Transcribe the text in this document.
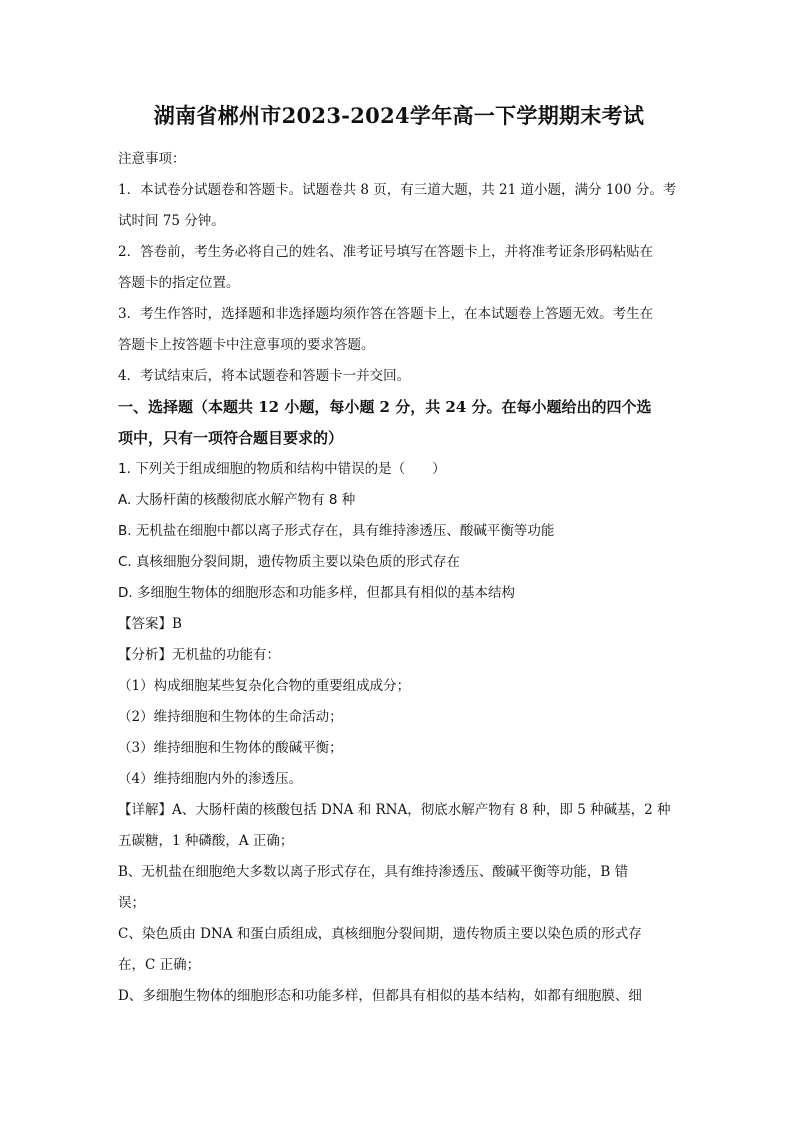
湖南省郴州市2023-2024学年高一下学期期末考试

注意事项：

1．本试卷分试题卷和答题卡。试题卷共 8 页，有三道大题，共 21 道小题，满分 100 分。考

试时间 75 分钟。

2．答卷前，考生务必将自己的姓名、准考证号填写在答题卡上，并将准考证条形码粘贴在

答题卡的指定位置。

3．考生作答时，选择题和非选择题均须作答在答题卡上，在本试题卷上答题无效。考生在

答题卡上按答题卡中注意事项的要求答题。

4．考试结束后，将本试题卷和答题卡一并交回。

一、选择题（本题共 12 小题，每小题 2 分，共 24 分。在每小题给出的四个选

项中，只有一项符合题目要求的）

1. 下列关于组成细胞的物质和结构中错误的是（　　）

A. 大肠杆菌的核酸彻底水解产物有 8 种

B. 无机盐在细胞中都以离子形式存在，具有维持渗透压、酸碱平衡等功能

C. 真核细胞分裂间期，遗传物质主要以染色质的形式存在

D. 多细胞生物体的细胞形态和功能多样，但都具有相似的基本结构

【答案】B

【分析】无机盐的功能有：

（1）构成细胞某些复杂化合物的重要组成成分；

（2）维持细胞和生物体的生命活动；

（3）维持细胞和生物体的酸碱平衡；

（4）维持细胞内外的渗透压。

【详解】A、大肠杆菌的核酸包括 DNA 和 RNA，彻底水解产物有 8 种，即 5 种碱基，2 种

五碳糖，1 种磷酸，A 正确；

B、无机盐在细胞绝大多数以离子形式存在，具有维持渗透压、酸碱平衡等功能，B 错

误；

C、染色质由 DNA 和蛋白质组成，真核细胞分裂间期，遗传物质主要以染色质的形式存

在，C 正确；

D、多细胞生物体的细胞形态和功能多样，但都具有相似的基本结构，如都有细胞膜、细
